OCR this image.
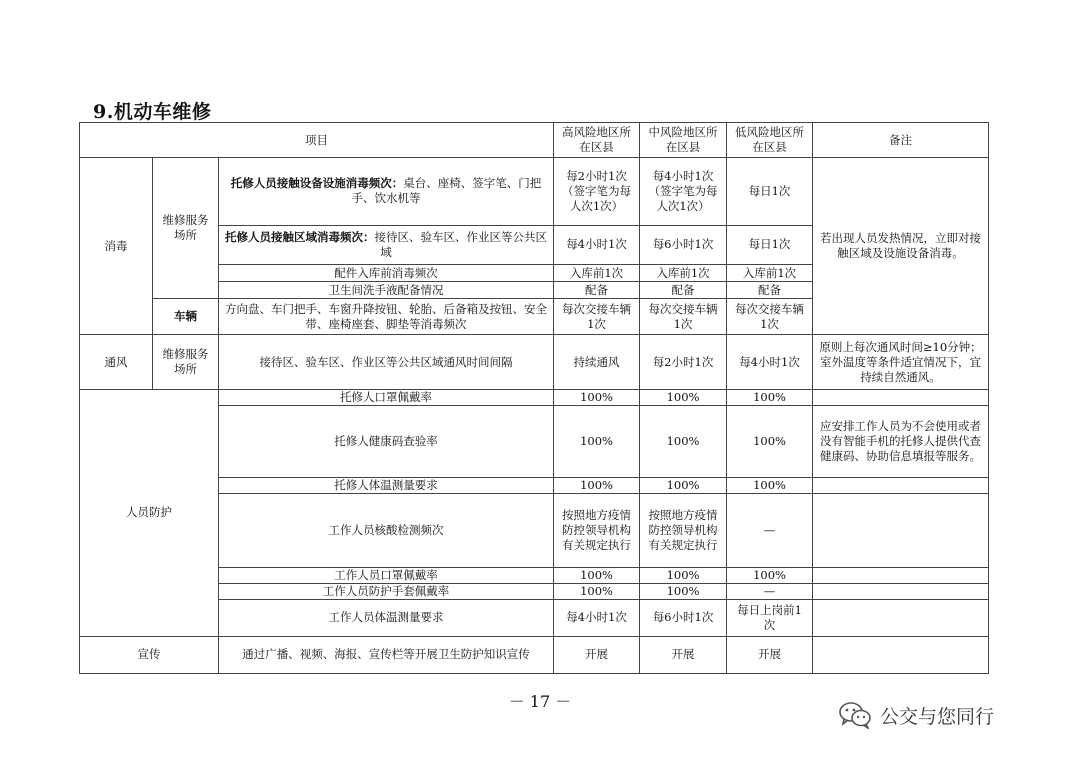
9.机动车维修
项目			高风险地区所在区县	中风险地区所在区县	低风险地区所在区县	备注
消毒	维修服务场所	托修人员接触设备设施消毒频次：桌台、座椅、签字笔、门把手、饮水机等	每2小时1次（签字笔为每人次1次）	每4小时1次（签字笔为每人次1次）	每日1次	若出现人员发热情况，立即对接触区域及设施设备消毒。
		托修人员接触区域消毒频次：接待区、验车区、作业区等公共区域	每4小时1次	每6小时1次	每日1次	
		配件入库前消毒频次	入库前1次	入库前1次	入库前1次	
		卫生间洗手液配备情况	配备	配备	配备	
	车辆	方向盘、车门把手、车窗升降按钮、轮胎、后备箱及按钮、安全带、座椅座套、脚垫等消毒频次	每次交接车辆1次	每次交接车辆1次	每次交接车辆1次	
通风	维修服务场所	接待区、验车区、作业区等公共区域通风时间间隔	持续通风	每2小时1次	每4小时1次	原则上每次通风时间≥10分钟；室外温度等条件适宜情况下，宜持续自然通风。
人员防护		托修人口罩佩戴率	100%	100%	100%	
		托修人健康码查验率	100%	100%	100%	应安排工作人员为不会使用或者没有智能手机的托修人提供代查健康码、协助信息填报等服务。
		托修人体温测量要求	100%	100%	100%	
		工作人员核酸检测频次	按照地方疫情防控领导机构有关规定执行	按照地方疫情防控领导机构有关规定执行	—	
		工作人员口罩佩戴率	100%	100%	100%	
		工作人员防护手套佩戴率	100%	100%	—	
		工作人员体温测量要求	每4小时1次	每6小时1次	每日上岗前1次	
宣传		通过广播、视频、海报、宣传栏等开展卫生防护知识宣传	开展	开展	开展	
－ 17 －
公交与您同行
